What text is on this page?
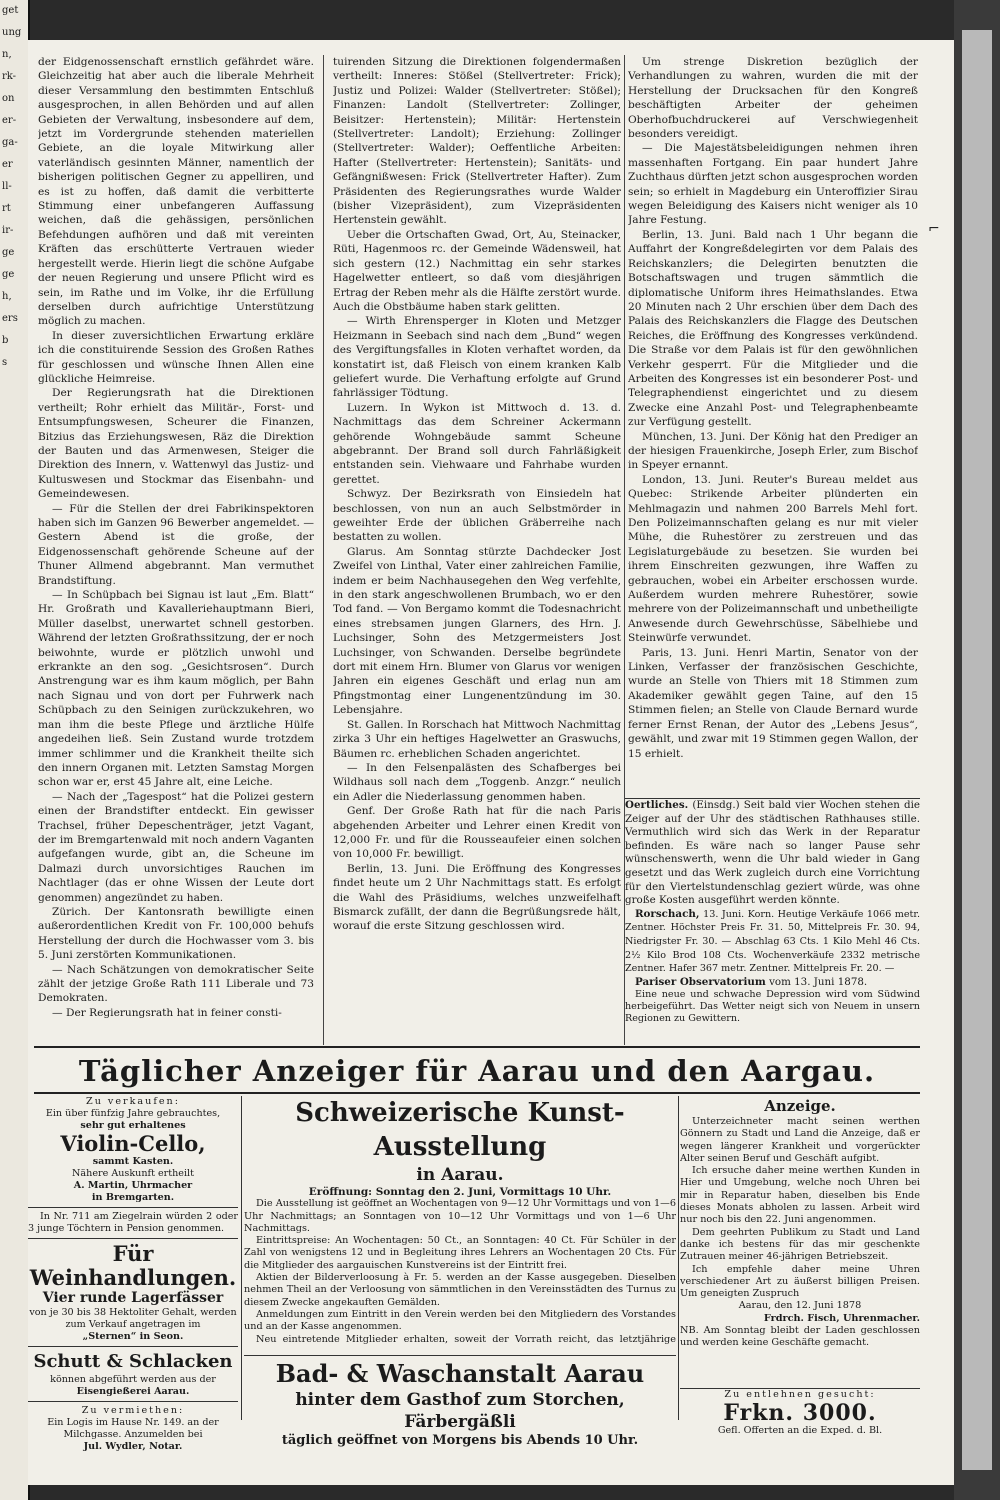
get
ung
n,
rk-
on
er-
ga-
er
ll-
rt
ir-
ge
ge
h,
ers
b
s

der Eidgenossenschaft ernstlich gefährdet wäre. Gleichzeitig hat aber auch die liberale Mehrheit dieser Versammlung den bestimmten Entschluß ausgesprochen, in allen Behörden und auf allen Gebieten der Verwaltung, insbesondere auf dem, jetzt im Vordergrunde stehenden materiellen Gebiete, an die loyale Mitwirkung aller vaterländisch gesinnten Männer, namentlich der bisherigen politischen Gegner zu appelliren, und es ist zu hoffen, daß damit die verbitterte Stimmung einer unbefangeren Auffassung weichen, daß die gehässigen, persönlichen Befehdungen aufhören und daß mit vereinten Kräften das erschütterte Vertrauen wieder hergestellt werde. Hierin liegt die schöne Aufgabe der neuen Regierung und unsere Pflicht wird es sein, im Rathe und im Volke, ihr die Erfüllung derselben durch aufrichtige Unterstützung möglich zu machen.

In dieser zuversichtlichen Erwartung erkläre ich die constituirende Session des Großen Rathes für geschlossen und wünsche Ihnen Allen eine glückliche Heimreise.

Der Regierungsrath hat die Direktionen vertheilt; Rohr erhielt das Militär-, Forst- und Entsumpfungswesen, Scheurer die Finanzen, Bitzius das Erziehungswesen, Räz die Direktion der Bauten und das Armenwesen, Steiger die Direktion des Innern, v. Wattenwyl das Justiz- und Kultuswesen und Stockmar das Eisenbahn- und Gemeindewesen.

— Für die Stellen der drei Fabrikinspektoren haben sich im Ganzen 96 Bewerber angemeldet. — Gestern Abend ist die große, der Eidgenossenschaft gehörende Scheune auf der Thuner Allmend abgebrannt. Man vermuthet Brandstiftung.

— In Schüpbach bei Signau ist laut „Em. Blatt“ Hr. Großrath und Kavalleriehauptmann Bieri, Müller daselbst, unerwartet schnell gestorben. Während der letzten Großrathssitzung, der er noch beiwohnte, wurde er plötzlich unwohl und erkrankte an den sog. „Gesichtsrosen“. Durch Anstrengung war es ihm kaum möglich, per Bahn nach Signau und von dort per Fuhrwerk nach Schüpbach zu den Seinigen zurückzukehren, wo man ihm die beste Pflege und ärztliche Hülfe angedeihen ließ. Sein Zustand wurde trotzdem immer schlimmer und die Krankheit theilte sich den innern Organen mit. Letzten Samstag Morgen schon war er, erst 45 Jahre alt, eine Leiche.

— Nach der „Tagespost“ hat die Polizei gestern einen der Brandstifter entdeckt. Ein gewisser Trachsel, früher Depeschenträger, jetzt Vagant, der im Bremgartenwald mit noch andern Vaganten aufgefangen wurde, gibt an, die Scheune im Dalmazi durch unvorsichtiges Rauchen im Nachtlager (das er ohne Wissen der Leute dort genommen) angezündet zu haben.

Zürich. Der Kantonsrath bewilligte einen außerordentlichen Kredit von Fr. 100,000 behufs Herstellung der durch die Hochwasser vom 3. bis 5. Juni zerstörten Kommunikationen.

— Nach Schätzungen von demokratischer Seite zählt der jetzige Große Rath 111 Liberale und 73 Demokraten.

— Der Regierungsrath hat in feiner consti-

tuirenden Sitzung die Direktionen folgendermaßen vertheilt: Inneres: Stößel (Stellvertreter: Frick); Justiz und Polizei: Walder (Stellvertreter: Stößel); Finanzen: Landolt (Stellvertreter: Zollinger, Beisitzer: Hertenstein); Militär: Hertenstein (Stellvertreter: Landolt); Erziehung: Zollinger (Stellvertreter: Walder); Oeffentliche Arbeiten: Hafter (Stellvertreter: Hertenstein); Sanitäts- und Gefängnißwesen: Frick (Stellvertreter Hafter). Zum Präsidenten des Regierungsrathes wurde Walder (bisher Vizepräsident), zum Vizepräsidenten Hertenstein gewählt.

Ueber die Ortschaften Gwad, Ort, Au, Steinacker, Rüti, Hagenmoos rc. der Gemeinde Wädensweil, hat sich gestern (12.) Nachmittag ein sehr starkes Hagelwetter entleert, so daß vom diesjährigen Ertrag der Reben mehr als die Hälfte zerstört wurde. Auch die Obstbäume haben stark gelitten.

— Wirth Ehrensperger in Kloten und Metzger Heizmann in Seebach sind nach dem „Bund“ wegen des Vergiftungsfalles in Kloten verhaftet worden, da konstatirt ist, daß Fleisch von einem kranken Kalb geliefert wurde. Die Verhaftung erfolgte auf Grund fahrlässiger Tödtung.

Luzern. In Wykon ist Mittwoch d. 13. d. Nachmittags das dem Schreiner Ackermann gehörende Wohngebäude sammt Scheune abgebrannt. Der Brand soll durch Fahrläßigkeit entstanden sein. Viehwaare und Fahrhabe wurden gerettet.

Schwyz. Der Bezirksrath von Einsiedeln hat beschlossen, von nun an auch Selbstmörder in geweihter Erde der üblichen Gräberreihe nach bestatten zu wollen.

Glarus. Am Sonntag stürzte Dachdecker Jost Zweifel von Linthal, Vater einer zahlreichen Familie, indem er beim Nachhausegehen den Weg verfehlte, in den stark angeschwollenen Brumbach, wo er den Tod fand. — Von Bergamo kommt die Todesnachricht eines strebsamen jungen Glarners, des Hrn. J. Luchsinger, Sohn des Metzgermeisters Jost Luchsinger, von Schwanden. Derselbe begründete dort mit einem Hrn. Blumer von Glarus vor wenigen Jahren ein eigenes Geschäft und erlag nun am Pfingstmontag einer Lungenentzündung im 30. Lebensjahre.

St. Gallen. In Rorschach hat Mittwoch Nachmittag zirka 3 Uhr ein heftiges Hagelwetter an Graswuchs, Bäumen rc. erheblichen Schaden angerichtet.

— In den Felsenpalästen des Schafberges bei Wildhaus soll nach dem „Toggenb. Anzgr.“ neulich ein Adler die Niederlassung genommen haben.

Genf. Der Große Rath hat für die nach Paris abgehenden Arbeiter und Lehrer einen Kredit von 12,000 Fr. und für die Rousseaufeier einen solchen von 10,000 Fr. bewilligt.

Berlin, 13. Juni. Die Eröffnung des Kongresses findet heute um 2 Uhr Nachmittags statt. Es erfolgt die Wahl des Präsidiums, welches unzweifelhaft Bismarck zufällt, der dann die Begrüßungsrede hält, worauf die erste Sitzung geschlossen wird.

Um strenge Diskretion bezüglich der Verhandlungen zu wahren, wurden die mit der Herstellung der Drucksachen für den Kongreß beschäftigten Arbeiter der geheimen Oberhofbuchdruckerei auf Verschwiegenheit besonders vereidigt.

— Die Majestätsbeleidigungen nehmen ihren massenhaften Fortgang. Ein paar hundert Jahre Zuchthaus dürften jetzt schon ausgesprochen worden sein; so erhielt in Magdeburg ein Unteroffizier Sirau wegen Beleidigung des Kaisers nicht weniger als 10 Jahre Festung.

Berlin, 13. Juni. Bald nach 1 Uhr begann die Auffahrt der Kongreßdelegirten vor dem Palais des Reichskanzlers; die Delegirten benutzten die Botschaftswagen und trugen sämmtlich die diplomatische Uniform ihres Heimathslandes. Etwa 20 Minuten nach 2 Uhr erschien über dem Dach des Palais des Reichskanzlers die Flagge des Deutschen Reiches, die Eröffnung des Kongresses verkündend. Die Straße vor dem Palais ist für den gewöhnlichen Verkehr gesperrt. Für die Mitglieder und die Arbeiten des Kongresses ist ein besonderer Post- und Telegraphendienst eingerichtet und zu diesem Zwecke eine Anzahl Post- und Telegraphenbeamte zur Verfügung gestellt.

München, 13. Juni. Der König hat den Prediger an der hiesigen Frauenkirche, Joseph Erler, zum Bischof in Speyer ernannt.

London, 13. Juni. Reuter's Bureau meldet aus Quebec: Strikende Arbeiter plünderten ein Mehlmagazin und nahmen 200 Barrels Mehl fort. Den Polizeimannschaften gelang es nur mit vieler Mühe, die Ruhestörer zu zerstreuen und das Legislaturgebäude zu besetzen. Sie wurden bei ihrem Einschreiten gezwungen, ihre Waffen zu gebrauchen, wobei ein Arbeiter erschossen wurde. Außerdem wurden mehrere Ruhestörer, sowie mehrere von der Polizeimannschaft und unbetheiligte Anwesende durch Gewehrschüsse, Säbelhiebe und Steinwürfe verwundet.

Paris, 13. Juni. Henri Martin, Senator von der Linken, Verfasser der französischen Geschichte, wurde an Stelle von Thiers mit 18 Stimmen zum Akademiker gewählt gegen Taine, auf den 15 Stimmen fielen; an Stelle von Claude Bernard wurde ferner Ernst Renan, der Autor des „Lebens Jesus“, gewählt, und zwar mit 19 Stimmen gegen Wallon, der 15 erhielt.

Oertliches. (Einsdg.) Seit bald vier Wochen stehen die Zeiger auf der Uhr des städtischen Rathhauses stille. Vermuthlich wird sich das Werk in der Reparatur befinden. Es wäre nach so langer Pause sehr wünschenswerth, wenn die Uhr bald wieder in Gang gesetzt und das Werk zugleich durch eine Vorrichtung für den Viertelstundenschlag geziert würde, was ohne große Kosten ausgeführt werden könnte.

Rorschach, 13. Juni. Korn. Heutige Verkäufe 1066 metr. Zentner. Höchster Preis Fr. 31. 50, Mittelpreis Fr. 30. 94, Niedrigster Fr. 30. — Abschlag 63 Cts. 1 Kilo Mehl 46 Cts. 2½ Kilo Brod 108 Cts. Wochenverkäufe 2332 metrische Zentner. Hafer 367 metr. Zentner. Mittelpreis Fr. 20. —

Pariser Observatorium vom 13. Juni 1878.

Eine neue und schwache Depression wird vom Südwind herbeigeführt. Das Wetter neigt sich von Neuem in unsern Regionen zu Gewittern.

⌐
Täglicher Anzeiger für Aarau und den Aargau.
Zu verkaufen:
Ein über fünfzig Jahre gebrauchtes,
sehr gut erhaltenes
Violin-Cello,
sammt Kasten.
Nähere Auskunft ertheilt
A. Martin, Uhrmacher
in Bremgarten.
In Nr. 711 am Ziegelrain würden 2 oder 3 junge Töchtern in Pension genommen.
Für Weinhandlungen.
Vier runde Lagerfässer
von je 30 bis 38 Hektoliter Gehalt, werden zum Verkauf angetragen im
„Sternen“ in Seon.
Schutt & Schlacken
können abgeführt werden aus der
Eisengießerei Aarau.
Zu vermiethen:
Ein Logis im Hause Nr. 149. an der Milchgasse. Anzumelden bei
Jul. Wydler, Notar.
Schweizerische Kunst-Ausstellung
in Aarau.

Eröffnung: Sonntag den 2. Juni, Vormittags 10 Uhr.

Die Ausstellung ist geöffnet an Wochentagen von 9—12 Uhr Vormittags und von 1—6 Uhr Nachmittags; an Sonntagen von 10—12 Uhr Vormittags und von 1—6 Uhr Nachmittags.

Eintrittspreise: An Wochentagen: 50 Ct., an Sonntagen: 40 Ct. Für Schüler in der Zahl von wenigstens 12 und in Begleitung ihres Lehrers an Wochentagen 20 Cts. Für die Mitglieder des aargauischen Kunstvereins ist der Eintritt frei.

Aktien der Bilderverloosung à Fr. 5. werden an der Kasse ausgegeben. Dieselben nehmen Theil an der Verloosung von sämmtlichen in den Vereinsstädten des Turnus zu diesem Zwecke angekauften Gemälden.

Anmeldungen zum Eintritt in den Verein werden bei den Mitgliedern des Vorstandes und an der Kasse angenommen.

Neu eintretende Mitglieder erhalten, soweit der Vorrath reicht, das letztjährige

Bad- & Waschanstalt Aarau
hinter dem Gasthof zum Storchen, Färbergäßli
täglich geöffnet von Morgens bis Abends 10 Uhr.
Anzeige.

Unterzeichneter macht seinen werthen Gönnern zu Stadt und Land die Anzeige, daß er wegen längerer Krankheit und vorgerückter Alter seinen Beruf und Geschäft aufgibt.

Ich ersuche daher meine werthen Kunden in Hier und Umgebung, welche noch Uhren bei mir in Reparatur haben, dieselben bis Ende dieses Monats abholen zu lassen. Arbeit wird nur noch bis den 22. Juni angenommen.

Dem geehrten Publikum zu Stadt und Land danke ich bestens für das mir geschenkte Zutrauen meiner 46-jährigen Betriebszeit.

Ich empfehle daher meine Uhren verschiedener Art zu äußerst billigen Preisen. Um geneigten Zuspruch

Aarau, den 12. Juni 1878

Frdrch. Fisch, Uhrenmacher.

NB. Am Sonntag bleibt der Laden geschlossen und werden keine Geschäfte gemacht.

Zu entlehnen gesucht:
Frkn. 3000.
Gefl. Offerten an die Exped. d. Bl.
